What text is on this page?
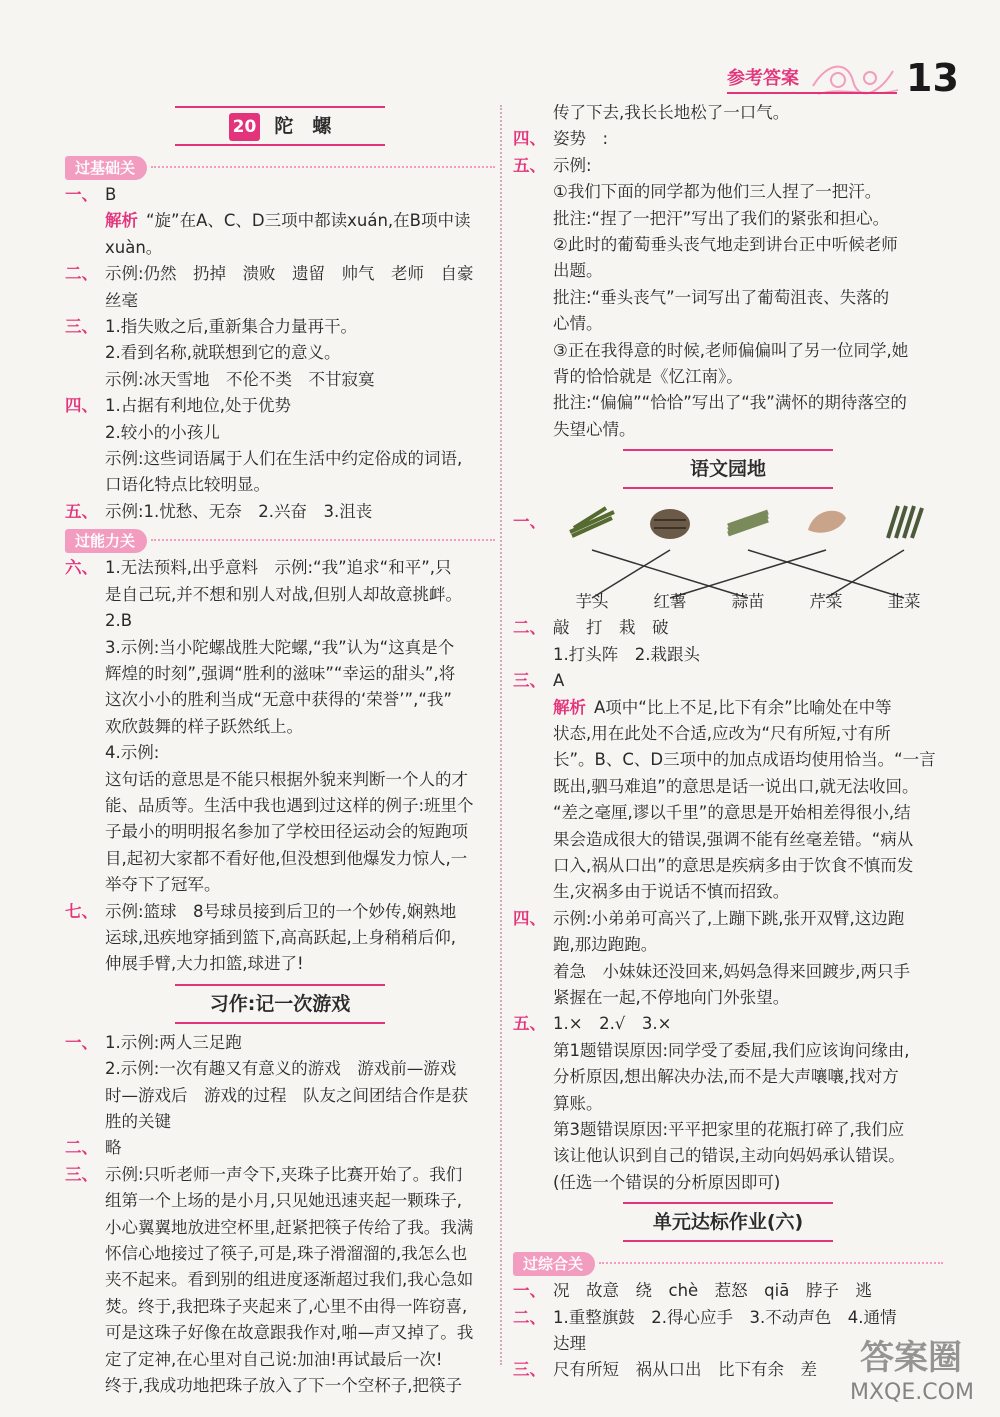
参考答案	13
20 陀　螺
过基础关

一、 B

解析 “旋”在A、C、D三项中都读xuán,在B项中读

xuàn。

二、 示例:仍然　扔掉　溃败　遗留　帅气　老师　自豪

丝毫

三、 1.指失败之后,重新集合力量再干。

2.看到名称,就联想到它的意义。

示例:冰天雪地　不伦不类　不甘寂寞

四、 1.占据有利地位,处于优势

2.较小的小孩儿

示例:这些词语属于人们在生活中约定俗成的词语,

口语化特点比较明显。

五、 示例:1.忧愁、无奈　2.兴奋　3.沮丧

过能力关

六、 1.无法预料,出乎意料　示例:“我”追求“和平”,只

是自己玩,并不想和别人对战,但别人却故意挑衅。

2.B

3.示例:当小陀螺战胜大陀螺,“我”认为“这真是个

辉煌的时刻”,强调“胜利的滋味”“幸运的甜头”,将

这次小小的胜利当成“无意中获得的‘荣誉’”,“我”

欢欣鼓舞的样子跃然纸上。

4.示例:

这句话的意思是不能只根据外貌来判断一个人的才

能、品质等。生活中我也遇到过这样的例子:班里个

子最小的明明报名参加了学校田径运动会的短跑项

目,起初大家都不看好他,但没想到他爆发力惊人,一

举夺下了冠军。

七、 示例:篮球　8号球员接到后卫的一个妙传,娴熟地

运球,迅疾地穿插到篮下,高高跃起,上身稍稍后仰,

伸展手臂,大力扣篮,球进了!

习作:记一次游戏

一、 1.示例:两人三足跑

2.示例:一次有趣又有意义的游戏　游戏前—游戏

时—游戏后　游戏的过程　队友之间团结合作是获

胜的关键

二、 略

三、 示例:只听老师一声令下,夹珠子比赛开始了。我们

组第一个上场的是小月,只见她迅速夹起一颗珠子,

小心翼翼地放进空杯里,赶紧把筷子传给了我。我满

怀信心地接过了筷子,可是,珠子滑溜溜的,我怎么也

夹不起来。看到别的组进度逐渐超过我们,我心急如

焚。终于,我把珠子夹起来了,心里不由得一阵窃喜,

可是这珠子好像在故意跟我作对,啪—声又掉了。我

定了定神,在心里对自己说:加油!再试最后一次!

终于,我成功地把珠子放入了下一个空杯子,把筷子

传了下去,我长长地松了一口气。

四、 姿势　:

五、 示例:

①我们下面的同学都为他们三人捏了一把汗。

批注:“捏了一把汗”写出了我们的紧张和担心。

②此时的葡萄垂头丧气地走到讲台正中听候老师

出题。

批注:“垂头丧气”一词写出了葡萄沮丧、失落的

心情。

③正在我得意的时候,老师偏偏叫了另一位同学,她

背的恰恰就是《忆江南》。

批注:“偏偏”“恰恰”写出了“我”满怀的期待落空的

失望心情。

语文园地
一、
芋头	红薯	蒜苗	芹菜	韭菜

二、 敲　打　栽　破

1.打头阵　2.栽跟头

三、 A

解析 A项中“比上不足,比下有余”比喻处在中等

状态,用在此处不合适,应改为“尺有所短,寸有所

长”。B、C、D三项中的加点成语均使用恰当。“一言

既出,驷马难追”的意思是话一说出口,就无法收回。

“差之毫厘,谬以千里”的意思是开始相差得很小,结

果会造成很大的错误,强调不能有丝毫差错。“病从

口入,祸从口出”的意思是疾病多由于饮食不慎而发

生,灾祸多由于说话不慎而招致。

四、 示例:小弟弟可高兴了,上蹦下跳,张开双臂,这边跑

跑,那边跑跑。

着急　小妹妹还没回来,妈妈急得来回踱步,两只手

紧握在一起,不停地向门外张望。

五、 1.×　2.√　3.×

第1题错误原因:同学受了委屈,我们应该询问缘由,

分析原因,想出解决办法,而不是大声嚷嚷,找对方

算账。

第3题错误原因:平平把家里的花瓶打碎了,我们应

该让他认识到自己的错误,主动向妈妈承认错误。

(任选一个错误的分析原因即可)

单元达标作业(六)
过综合关

一、 况　故意　绕　chè　惹怒　qiā　脖子　逃

二、 1.重整旗鼓　2.得心应手　3.不动声色　4.通情

达理

三、 尺有所短　祸从口出　比下有余　差	答案圈
MXQE.COM
